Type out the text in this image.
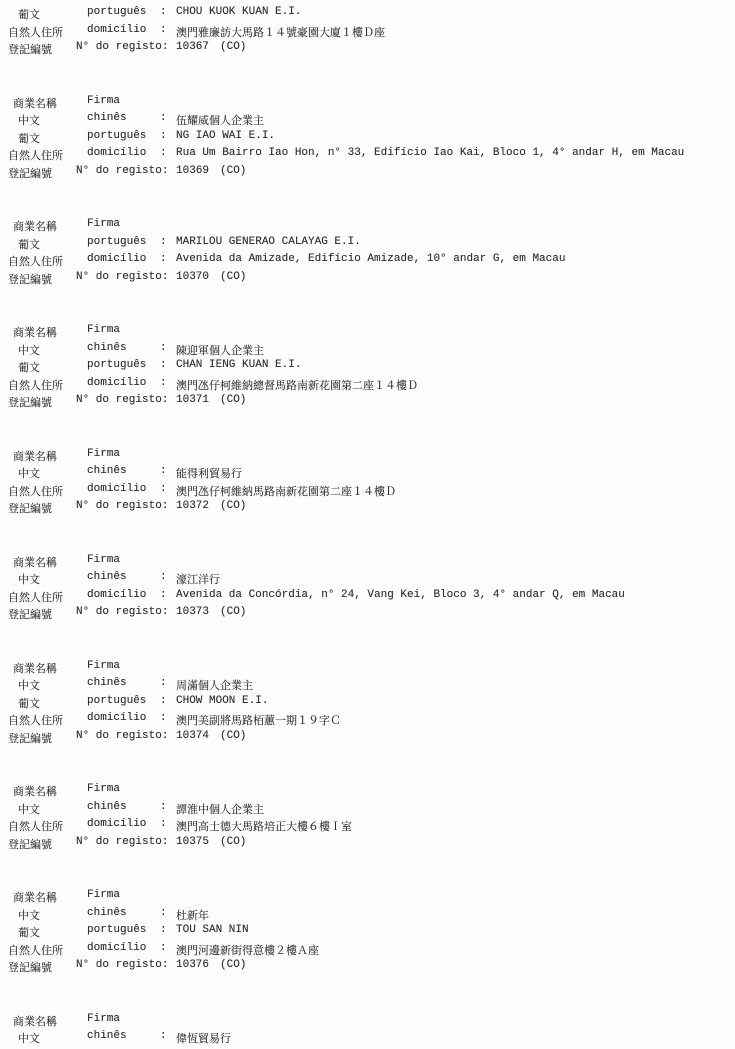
葡文	português : CHOU KUOK KUAN E.I.
自然人住所 domicílio : 澳門雅廉訪大馬路１４號豪園大廈１樓Ｄ座
登記編號 N° do registo: 10367 (CO)
商業名稱	Firma
中文	chinês	: 伍耀威個人企業主
葡文	português : NG IAO WAI E.I.
自然人住所 domicílio : Rua Um Bairro Iao Hon, n° 33, Edifício Iao Kai, Bloco 1, 4° andar H, em Macau
登記編號 N° do registo: 10369 (CO)
商業名稱	Firma
葡文	português : MARILOU GENERAO CALAYAG E.I.
自然人住所 domicílio : Avenida da Amizade, Edifício Amizade, 10° andar G, em Macau
登記編號 N° do registo: 10370 (CO)
商業名稱	Firma
中文	chinês	: 陳迎軍個人企業主
葡文	português : CHAN IENG KUAN E.I.
自然人住所 domicílio : 澳門氹仔柯維納總督馬路南新花園第二座１４樓Ｄ
登記編號 N° do registo: 10371 (CO)
商業名稱	Firma
中文	chinês	: 能得利貿易行
自然人住所 domicílio : 澳門氹仔柯維納馬路南新花園第二座１４樓Ｄ
登記編號 N° do registo: 10372 (CO)
商業名稱	Firma
中文	chinês	: 濠江洋行
自然人住所 domicílio : Avenida da Concórdia, n° 24, Vang Kei, Bloco 3, 4° andar Q, em Macau
登記編號 N° do registo: 10373 (CO)
商業名稱	Firma
中文	chinês	: 周滿個人企業主
葡文	português : CHOW MOON E.I.
自然人住所 domicílio : 澳門美副將馬路栢蕙一期１９字Ｃ
登記編號 N° do registo: 10374 (CO)
商業名稱	Firma
中文	chinês	: 譚淮中個人企業主
自然人住所 domicílio : 澳門高士德大馬路培正大樓６樓Ｉ室
登記編號 N° do registo: 10375 (CO)
商業名稱	Firma
中文	chinês	: 杜新年
葡文	português : TOU SAN NIN
自然人住所 domicílio : 澳門河邊新街得意樓２樓Ａ座
登記編號 N° do registo: 10376 (CO)
商業名稱	Firma
中文	chinês	: 偉恆貿易行
